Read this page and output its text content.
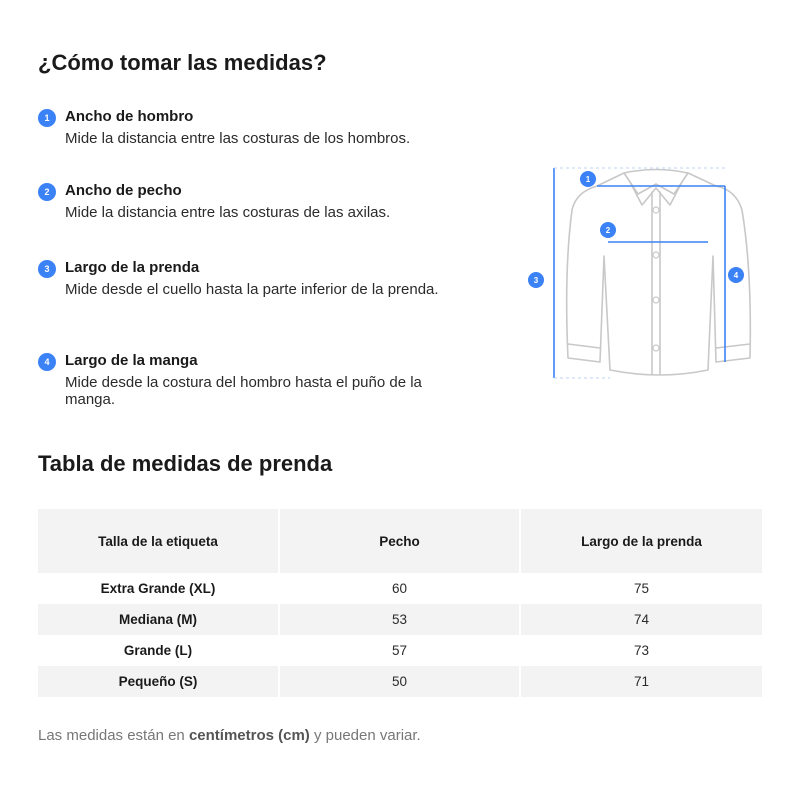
¿Cómo tomar las medidas?
1	Ancho de hombro
Mide la distancia entre las costuras de los hombros.
2	Ancho de pecho
Mide la distancia entre las costuras de las axilas.
3	Largo de la prenda
Mide desde el cuello hasta la parte inferior de la prenda.
4	Largo de la manga
Mide desde la costura del hombro hasta el puño de la manga.
1
2
3
4
Tabla de medidas de prenda
Talla de la etiqueta	Pecho	Largo de la prenda
Extra Grande (XL)	60	75
Mediana (M)	53	74
Grande (L)	57	73
Pequeño (S)	50	71
Las medidas están en centímetros (cm) y pueden variar.
